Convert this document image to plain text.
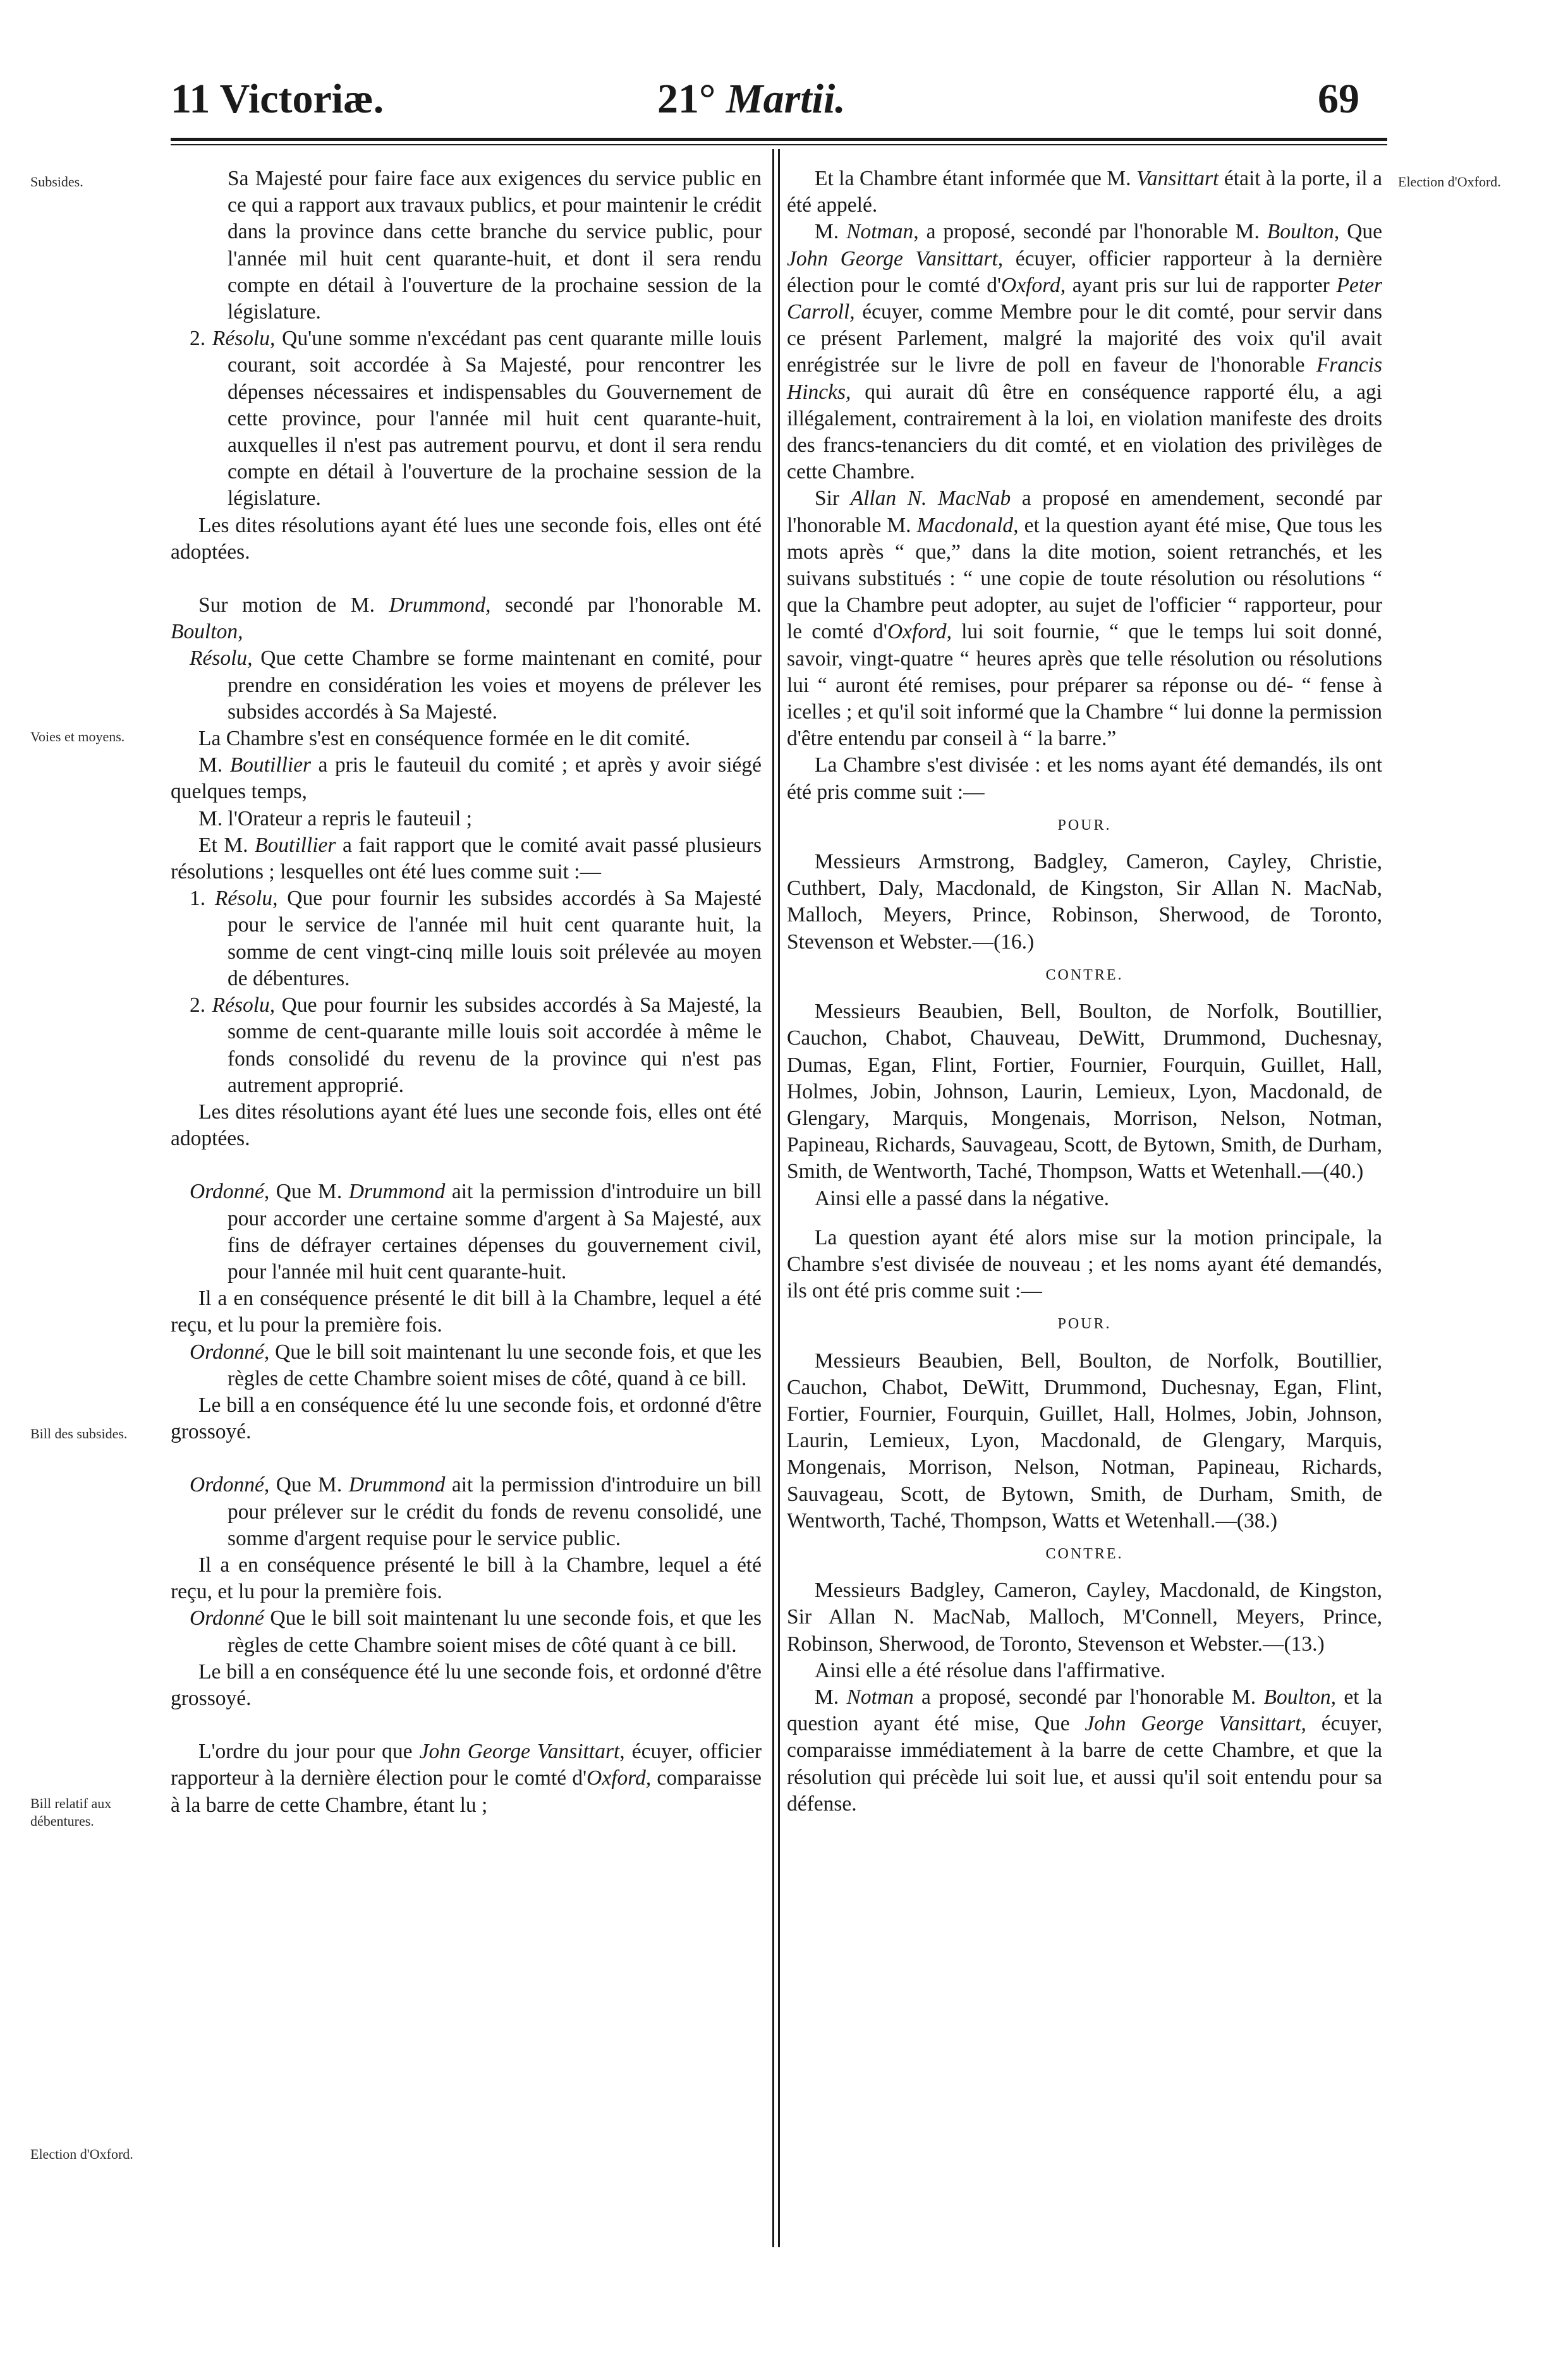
11 Victoriæ.	21° Martii.	69
Subsides.
Voies et moyens.
Bill des subsides.
Bill relatif aux débentures.
Election d'Oxford.
Election d'Oxford.

Sa Majesté pour faire face aux exigences du service public en ce qui a rapport aux travaux publics, et pour maintenir le crédit dans la province dans cette branche du service public, pour l'année mil huit cent quarante-huit, et dont il sera rendu compte en détail à l'ouverture de la prochaine session de la législature.

2. Résolu, Qu'une somme n'excédant pas cent quarante mille louis courant, soit accordée à Sa Majesté, pour rencontrer les dépenses nécessaires et indispensables du Gouvernement de cette province, pour l'année mil huit cent quarante-huit, auxquelles il n'est pas autrement pourvu, et dont il sera rendu compte en détail à l'ouverture de la prochaine session de la législature.

Les dites résolutions ayant été lues une seconde fois, elles ont été adoptées.

Sur motion de M. Drummond, secondé par l'honorable M. Boulton,

Résolu, Que cette Chambre se forme maintenant en comité, pour prendre en considération les voies et moyens de prélever les subsides accordés à Sa Majesté.

La Chambre s'est en conséquence formée en le dit comité.

M. Boutillier a pris le fauteuil du comité ; et après y avoir siégé quelques temps,

M. l'Orateur a repris le fauteuil ;

Et M. Boutillier a fait rapport que le comité avait passé plusieurs résolutions ; lesquelles ont été lues comme suit :—

1. Résolu, Que pour fournir les subsides accordés à Sa Majesté pour le service de l'année mil huit cent quarante huit, la somme de cent vingt-cinq mille louis soit prélevée au moyen de débentures.

2. Résolu, Que pour fournir les subsides accordés à Sa Majesté, la somme de cent-quarante mille louis soit accordée à même le fonds consolidé du revenu de la province qui n'est pas autrement approprié.

Les dites résolutions ayant été lues une seconde fois, elles ont été adoptées.

Ordonné, Que M. Drummond ait la permission d'introduire un bill pour accorder une certaine somme d'argent à Sa Majesté, aux fins de défrayer certaines dépenses du gouvernement civil, pour l'année mil huit cent quarante-huit.

Il a en conséquence présenté le dit bill à la Chambre, lequel a été reçu, et lu pour la première fois.

Ordonné, Que le bill soit maintenant lu une seconde fois, et que les règles de cette Chambre soient mises de côté, quand à ce bill.

Le bill a en conséquence été lu une seconde fois, et ordonné d'être grossoyé.

Ordonné, Que M. Drummond ait la permission d'introduire un bill pour prélever sur le crédit du fonds de revenu consolidé, une somme d'argent requise pour le service public.

Il a en conséquence présenté le bill à la Chambre, lequel a été reçu, et lu pour la première fois.

Ordonné Que le bill soit maintenant lu une seconde fois, et que les règles de cette Chambre soient mises de côté quant à ce bill.

Le bill a en conséquence été lu une seconde fois, et ordonné d'être grossoyé.

L'ordre du jour pour que John George Vansittart, écuyer, officier rapporteur à la dernière élection pour le comté d'Oxford, comparaisse à la barre de cette Chambre, étant lu ;

Et la Chambre étant informée que M. Vansittart était à la porte, il a été appelé.

M. Notman, a proposé, secondé par l'honorable M. Boulton, Que John George Vansittart, écuyer, officier rapporteur à la dernière élection pour le comté d'Oxford, ayant pris sur lui de rapporter Peter Carroll, écuyer, comme Membre pour le dit comté, pour servir dans ce présent Parlement, malgré la majorité des voix qu'il avait enrégistrée sur le livre de poll en faveur de l'honorable Francis Hincks, qui aurait dû être en conséquence rapporté élu, a agi illégalement, contrairement à la loi, en violation manifeste des droits des francs-tenanciers du dit comté, et en violation des privilèges de cette Chambre.

Sir Allan N. MacNab a proposé en amendement, secondé par l'honorable M. Macdonald, et la question ayant été mise, Que tous les mots après “ que,” dans la dite motion, soient retranchés, et les suivans substitués : “ une copie de toute résolution ou résolutions “ que la Chambre peut adopter, au sujet de l'officier “ rapporteur, pour le comté d'Oxford, lui soit fournie, “ que le temps lui soit donné, savoir, vingt-quatre “ heures après que telle résolution ou résolutions lui “ auront été remises, pour préparer sa réponse ou dé- “ fense à icelles ; et qu'il soit informé que la Chambre “ lui donne la permission d'être entendu par conseil à “ la barre.”

La Chambre s'est divisée : et les noms ayant été demandés, ils ont été pris comme suit :—

POUR.

Messieurs Armstrong, Badgley, Cameron, Cayley, Christie, Cuthbert, Daly, Macdonald, de Kingston, Sir Allan N. MacNab, Malloch, Meyers, Prince, Robinson, Sherwood, de Toronto, Stevenson et Webster.—(16.)

CONTRE.

Messieurs Beaubien, Bell, Boulton, de Norfolk, Boutillier, Cauchon, Chabot, Chauveau, DeWitt, Drummond, Duchesnay, Dumas, Egan, Flint, Fortier, Fournier, Fourquin, Guillet, Hall, Holmes, Jobin, Johnson, Laurin, Lemieux, Lyon, Macdonald, de Glengary, Marquis, Mongenais, Morrison, Nelson, Notman, Papineau, Richards, Sauvageau, Scott, de Bytown, Smith, de Durham, Smith, de Wentworth, Taché, Thompson, Watts et Wetenhall.—(40.)

Ainsi elle a passé dans la négative.

La question ayant été alors mise sur la motion principale, la Chambre s'est divisée de nouveau ; et les noms ayant été demandés, ils ont été pris comme suit :—

POUR.

Messieurs Beaubien, Bell, Boulton, de Norfolk, Boutillier, Cauchon, Chabot, DeWitt, Drummond, Duchesnay, Egan, Flint, Fortier, Fournier, Fourquin, Guillet, Hall, Holmes, Jobin, Johnson, Laurin, Lemieux, Lyon, Macdonald, de Glengary, Marquis, Mongenais, Morrison, Nelson, Notman, Papineau, Richards, Sauvageau, Scott, de Bytown, Smith, de Durham, Smith, de Wentworth, Taché, Thompson, Watts et Wetenhall.—(38.)

CONTRE.

Messieurs Badgley, Cameron, Cayley, Macdonald, de Kingston, Sir Allan N. MacNab, Malloch, M'Connell, Meyers, Prince, Robinson, Sherwood, de Toronto, Stevenson et Webster.—(13.)

Ainsi elle a été résolue dans l'affirmative.

M. Notman a proposé, secondé par l'honorable M. Boulton, et la question ayant été mise, Que John George Vansittart, écuyer, comparaisse immédiatement à la barre de cette Chambre, et que la résolution qui précède lui soit lue, et aussi qu'il soit entendu pour sa défense.
